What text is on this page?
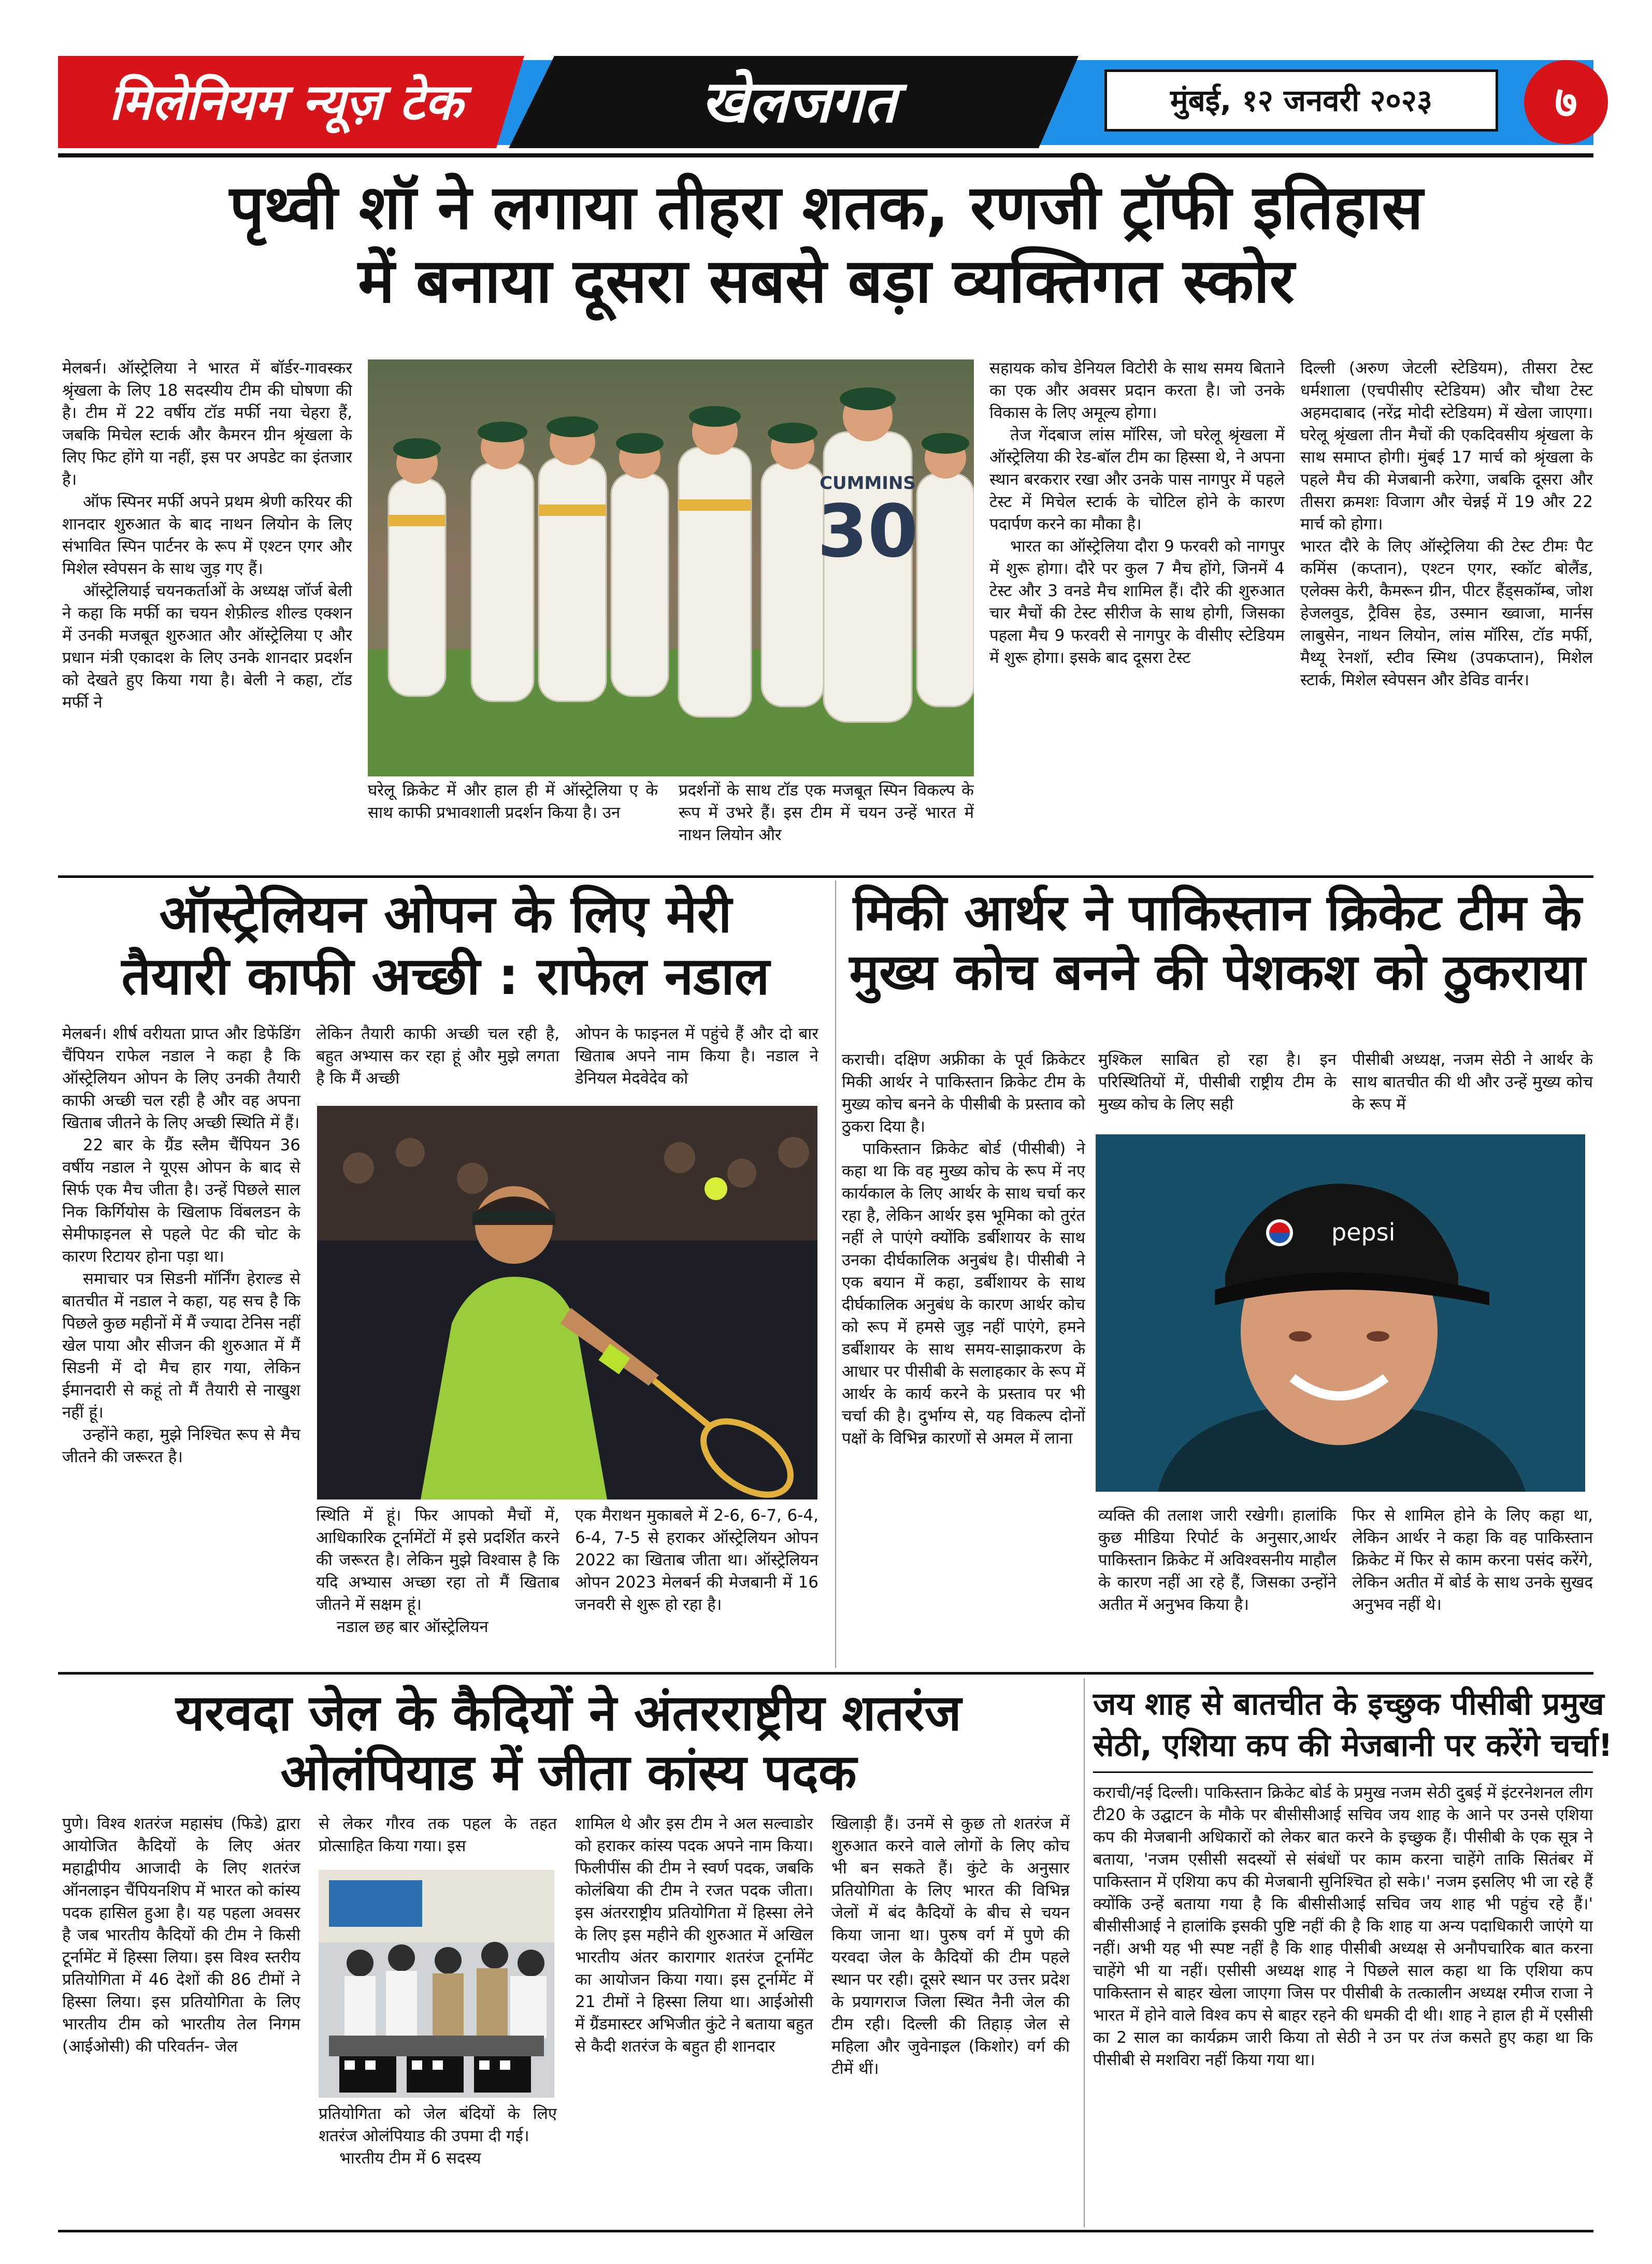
मिलेनियम न्यूज़ टेक	खेलजगत	मुंबई, १२ जनवरी २०२३	७
पृथ्वी शॉ ने लगाया तीहरा शतक, रणजी ट्रॉफी इतिहास
में बनाया दूसरा सबसे बड़ा व्यक्तिगत स्कोर

मेलबर्न। ऑस्ट्रेलिया ने भारत में बॉर्डर-गावस्कर श्रृंखला के लिए 18 सदस्यीय टीम की घोषणा की है। टीम में 22 वर्षीय टॉड मर्फी नया चेहरा हैं, जबकि मिचेल स्टार्क और कैमरन ग्रीन श्रृंखला के लिए फिट होंगे या नहीं, इस पर अपडेट का इंतजार है।

ऑफ स्पिनर मर्फी अपने प्रथम श्रेणी करियर की शानदार शुरुआत के बाद नाथन लियोन के लिए संभावित स्पिन पार्टनर के रूप में एश्टन एगर और मिशेल स्वेपसन के साथ जुड़ गए हैं।

ऑस्ट्रेलियाई चयनकर्ताओं के अध्यक्ष जॉर्ज बेली ने कहा कि मर्फी का चयन शेफ़ील्ड शील्ड एक्शन में उनकी मजबूत शुरुआत और ऑस्ट्रेलिया ए और प्रधान मंत्री एकादश के लिए उनके शानदार प्रदर्शन को देखते हुए किया गया है। बेली ने कहा, टॉड मर्फी ने

CUMMINS
30
घरेलू क्रिकेट में और हाल ही में ऑस्ट्रेलिया ए के साथ काफी प्रभावशाली प्रदर्शन किया है। उन
प्रदर्शनों के साथ टॉड एक मजबूत स्पिन विकल्प के रूप में उभरे हैं। इस टीम में चयन उन्हें भारत में नाथन लियोन और

सहायक कोच डेनियल विटोरी के साथ समय बिताने का एक और अवसर प्रदान करता है। जो उनके विकास के लिए अमूल्य होगा।

तेज गेंदबाज लांस मॉरिस, जो घरेलू श्रृंखला में ऑस्ट्रेलिया की रेड-बॉल टीम का हिस्सा थे, ने अपना स्थान बरकरार रखा और उनके पास नागपुर में पहले टेस्ट में मिचेल स्टार्क के चोटिल होने के कारण पदार्पण करने का मौका है।

भारत का ऑस्ट्रेलिया दौरा 9 फरवरी को नागपुर में शुरू होगा। दौरे पर कुल 7 मैच होंगे, जिनमें 4 टेस्ट और 3 वनडे मैच शामिल हैं। दौरे की शुरुआत चार मैचों की टेस्ट सीरीज के साथ होगी, जिसका पहला मैच 9 फरवरी से नागपुर के वीसीए स्टेडियम में शुरू होगा। इसके बाद दूसरा टेस्ट

दिल्ली (अरुण जेटली स्टेडियम), तीसरा टेस्ट धर्मशाला (एचपीसीए स्टेडियम) और चौथा टेस्ट अहमदाबाद (नरेंद्र मोदी स्टेडियम) में खेला जाएगा। घरेलू श्रृंखला तीन मैचों की एकदिवसीय श्रृंखला के साथ समाप्त होगी। मुंबई 17 मार्च को श्रृंखला के पहले मैच की मेजबानी करेगा, जबकि दूसरा और तीसरा क्रमशः विजाग और चेन्नई में 19 और 22 मार्च को होगा।

भारत दौरे के लिए ऑस्ट्रेलिया की टेस्ट टीमः पैट कमिंस (कप्तान), एश्टन एगर, स्कॉट बोलैंड, एलेक्स केरी, कैमरून ग्रीन, पीटर हैंड्सकॉम्ब, जोश हेजलवुड, ट्रैविस हेड, उस्मान ख्वाजा, मार्नस लाबुसेन, नाथन लियोन, लांस मॉरिस, टॉड मर्फी, मैथ्यू रेनशॉ, स्टीव स्मिथ (उपकप्तान), मिशेल स्टार्क, मिशेल स्वेपसन और डेविड वार्नर।

ऑस्ट्रेलियन ओपन के लिए मेरी
तैयारी काफी अच्छी : राफेल नडाल

मेलबर्न। शीर्ष वरीयता प्राप्त और डिफेंडिंग चैंपियन राफेल नडाल ने कहा है कि ऑस्ट्रेलियन ओपन के लिए उनकी तैयारी काफी अच्छी चल रही है और वह अपना खिताब जीतने के लिए अच्छी स्थिति में हैं।

22 बार के ग्रैंड स्लैम चैंपियन 36 वर्षीय नडाल ने यूएस ओपन के बाद से सिर्फ एक मैच जीता है। उन्हें पिछले साल निक किर्गियोस के खिलाफ विंबलडन के सेमीफाइनल से पहले पेट की चोट के कारण रिटायर होना पड़ा था।

समाचार पत्र सिडनी मॉर्निंग हेराल्ड से बातचीत में नडाल ने कहा, यह सच है कि पिछले कुछ महीनों में मैं ज्यादा टेनिस नहीं खेल पाया और सीजन की शुरुआत में मैं सिडनी में दो मैच हार गया, लेकिन ईमानदारी से कहूं तो मैं तैयारी से नाखुश नहीं हूं।

उन्होंने कहा, मुझे निश्चित रूप से मैच जीतने की जरूरत है।

लेकिन तैयारी काफी अच्छी चल रही है, बहुत अभ्यास कर रहा हूं और मुझे लगता है कि मैं अच्छी
ओपन के फाइनल में पहुंचे हैं और दो बार खिताब अपने नाम किया है। नडाल ने डेनियल मेदवेदेव को

स्थिति में हूं। फिर आपको मैचों में, आधिकारिक टूर्नामेंटों में इसे प्रदर्शित करने की जरूरत है। लेकिन मुझे विश्वास है कि यदि अभ्यास अच्छा रहा तो मैं खिताब जीतने में सक्षम हूं।

नडाल छह बार ऑस्ट्रेलियन

एक मैराथन मुकाबले में 2-6, 6-7, 6-4, 6-4, 7-5 से हराकर ऑस्ट्रेलियन ओपन 2022 का खिताब जीता था। ऑस्ट्रेलियन ओपन 2023 मेलबर्न की मेजबानी में 16 जनवरी से शुरू हो रहा है।
मिकी आर्थर ने पाकिस्तान क्रिकेट टीम के
मुख्य कोच बनने की पेशकश को ठुकराया

कराची। दक्षिण अफ्रीका के पूर्व क्रिकेटर मिकी आर्थर ने पाकिस्तान क्रिकेट टीम के मुख्य कोच बनने के पीसीबी के प्रस्ताव को ठुकरा दिया है।

पाकिस्तान क्रिकेट बोर्ड (पीसीबी) ने कहा था कि वह मुख्य कोच के रूप में नए कार्यकाल के लिए आर्थर के साथ चर्चा कर रहा है, लेकिन आर्थर इस भूमिका को तुरंत नहीं ले पाएंगे क्योंकि डर्बीशायर के साथ उनका दीर्घकालिक अनुबंध है। पीसीबी ने एक बयान में कहा, डर्बीशायर के साथ दीर्घकालिक अनुबंध के कारण आर्थर कोच को रूप में हमसे जुड़ नहीं पाएंगे, हमने डर्बीशायर के साथ समय-साझाकरण के आधार पर पीसीबी के सलाहकार के रूप में आर्थर के कार्य करने के प्रस्ताव पर भी चर्चा की है। दुर्भाग्य से, यह विकल्प दोनों पक्षों के विभिन्न कारणों से अमल में लाना

मुश्किल साबित हो रहा है। इन परिस्थितियों में, पीसीबी राष्ट्रीय टीम के मुख्य कोच के लिए सही
पीसीबी अध्यक्ष, नजम सेठी ने आर्थर के साथ बातचीत की थी और उन्हें मुख्य कोच के रूप में
pepsi
व्यक्ति की तलाश जारी रखेगी। हालांकि कुछ मीडिया रिपोर्ट के अनुसार,आर्थर पाकिस्तान क्रिकेट में अविश्वसनीय माहौल के कारण नहीं आ रहे हैं, जिसका उन्होंने अतीत में अनुभव किया है।
फिर से शामिल होने के लिए कहा था, लेकिन आर्थर ने कहा कि वह पाकिस्तान क्रिकेट में फिर से काम करना पसंद करेंगे, लेकिन अतीत में बोर्ड के साथ उनके सुखद अनुभव नहीं थे।
यरवदा जेल के कैदियों ने अंतरराष्ट्रीय शतरंज
ओलंपियाड में जीता कांस्य पदक
पुणे। विश्व शतरंज महासंघ (फिडे) द्वारा आयोजित कैदियों के लिए अंतर महाद्वीपीय आजादी के लिए शतरंज ऑनलाइन चैंपियनशिप में भारत को कांस्य पदक हासिल हुआ है। यह पहला अवसर है जब भारतीय कैदियों की टीम ने किसी टूर्नामेंट में हिस्सा लिया। इस विश्व स्तरीय प्रतियोगिता में 46 देशों की 86 टीमों ने हिस्सा लिया। इस प्रतियोगिता के लिए भारतीय टीम को भारतीय तेल निगम (आईओसी) की परिवर्तन- जेल
से लेकर गौरव तक पहल के तहत प्रोत्साहित किया गया। इस

प्रतियोगिता को जेल बंदियों के लिए शतरंज ओलंपियाड की उपमा दी गई।

भारतीय टीम में 6 सदस्य

शामिल थे और इस टीम ने अल सल्वाडोर को हराकर कांस्य पदक अपने नाम किया। फिलीपींस की टीम ने स्वर्ण पदक, जबकि कोलंबिया की टीम ने रजत पदक जीता। इस अंतरराष्ट्रीय प्रतियोगिता में हिस्सा लेने के लिए इस महीने की शुरुआत में अखिल भारतीय अंतर कारागार शतरंज टूर्नामेंट का आयोजन किया गया। इस टूर्नामेंट में 21 टीमों ने हिस्सा लिया था। आईओसी में ग्रैंडमास्टर अभिजीत कुंटे ने बताया बहुत से कैदी शतरंज के बहुत ही शानदार
खिलाड़ी हैं। उनमें से कुछ तो शतरंज में शुरुआत करने वाले लोगों के लिए कोच भी बन सकते हैं। कुंटे के अनुसार प्रतियोगिता के लिए भारत की विभिन्न जेलों में बंद कैदियों के बीच से चयन किया जाना था। पुरुष वर्ग में पुणे की यरवदा जेल के कैदियों की टीम पहले स्थान पर रही। दूसरे स्थान पर उत्तर प्रदेश के प्रयागराज जिला स्थित नैनी जेल की टीम रही। दिल्ली की तिहाड़ जेल से महिला और जुवेनाइल (किशोर) वर्ग की टीमें थीं।
जय शाह से बातचीत के इच्छुक पीसीबी प्रमुख
सेठी, एशिया कप की मेजबानी पर करेंगे चर्चा!
कराची/नई दिल्ली। पाकिस्तान क्रिकेट बोर्ड के प्रमुख नजम सेठी दुबई में इंटरनेशनल लीग टी20 के उद्घाटन के मौके पर बीसीसीआई सचिव जय शाह के आने पर उनसे एशिया कप की मेजबानी अधिकारों को लेकर बात करने के इच्छुक हैं। पीसीबी के एक सूत्र ने बताया, 'नजम एसीसी सदस्यों से संबंधों पर काम करना चाहेंगे ताकि सितंबर में पाकिस्तान में एशिया कप की मेजबानी सुनिश्चित हो सके।' नजम इसलिए भी जा रहे हैं क्योंकि उन्हें बताया गया है कि बीसीसीआई सचिव जय शाह भी पहुंच रहे हैं।' बीसीसीआई ने हालांकि इसकी पुष्टि नहीं की है कि शाह या अन्य पदाधिकारी जाएंगे या नहीं। अभी यह भी स्पष्ट नहीं है कि शाह पीसीबी अध्यक्ष से अनौपचारिक बात करना चाहेंगे भी या नहीं। एसीसी अध्यक्ष शाह ने पिछले साल कहा था कि एशिया कप पाकिस्तान से बाहर खेला जाएगा जिस पर पीसीबी के तत्कालीन अध्यक्ष रमीज राजा ने भारत में होने वाले विश्व कप से बाहर रहने की धमकी दी थी। शाह ने हाल ही में एसीसी का 2 साल का कार्यक्रम जारी किया तो सेठी ने उन पर तंज कसते हुए कहा था कि पीसीबी से मशविरा नहीं किया गया था।
